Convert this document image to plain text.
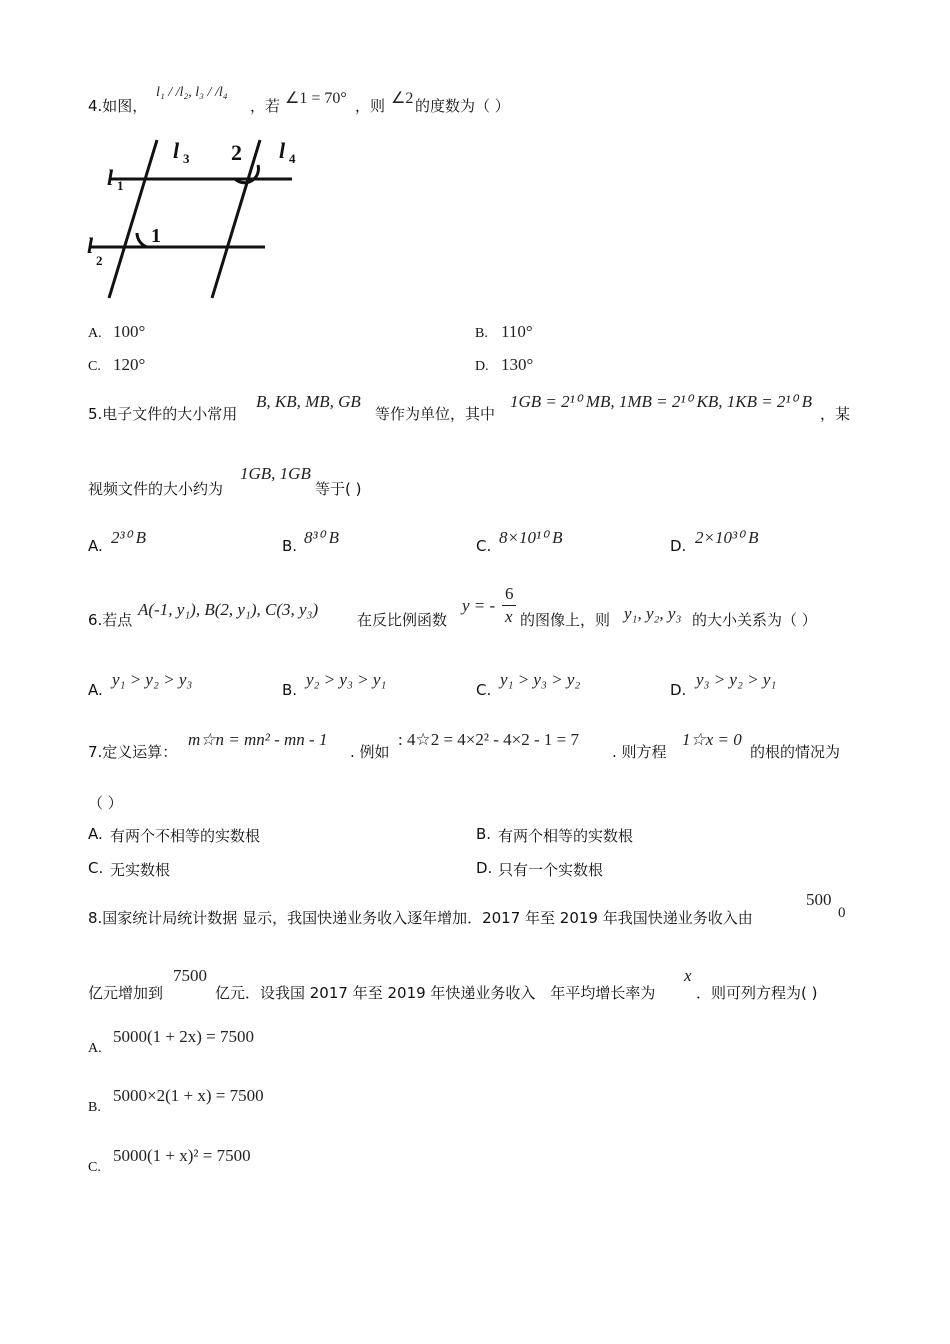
4.如图，
l₁ / /l₂, l₃ / /l₄
，若 ∠1 = 70° ，则 ∠2 的度数为（ ）
l 1
l
2
l 3	l 4
1
2
A. 100°	B. 110°
C. 120°	D. 130°
5.电子文件的大小常用
B, KB, MB, GB
等作为单位，其中
1GB = 2¹⁰ MB, 1MB = 2¹⁰ KB, 1KB = 2¹⁰ B
，某
视频文件的大小约为
1GB, 1GB
等于( )
A. 2³⁰ B	B. 8³⁰ B	C. 8×10¹⁰ B	D. 2×10³⁰ B
6.若点
A(-1, y₁), B(2, y₁), C(3, y₃)
在反比例函数
y = -
6
x 的图像上，则 y₁, y₂, y₃ 的大小关系为（ ）
A.
y₁ > y₂ > y₃
B.
y₂ > y₃ > y₁
C.
y₁ > y₃ > y₂
D.
y₃ > y₂ > y₁
7.定义运算：
m☆n = mn² - mn - 1
. 例如
: 4☆2 = 4×2² - 4×2 - 1 = 7
. 则方程
1☆x = 0
的根的情况为
（ ）
A. 有两个不相等的实数根	B. 有两个相等的实数根
C. 无实数根	D. 只有一个实数根
8.国家统计局统计数据 显示，我国快递业务收入逐年增加．2017 年至 2019 年我国快递业务收入由
500
0
亿元增加到
7500
亿元．设我国 2017 年至 2019 年快递业务收入　年平均增长率为
x
．则可列方程为( )
A.
5000(1 + 2x) = 7500
B.
5000×2(1 + x) = 7500
C.
5000(1 + x)² = 7500
